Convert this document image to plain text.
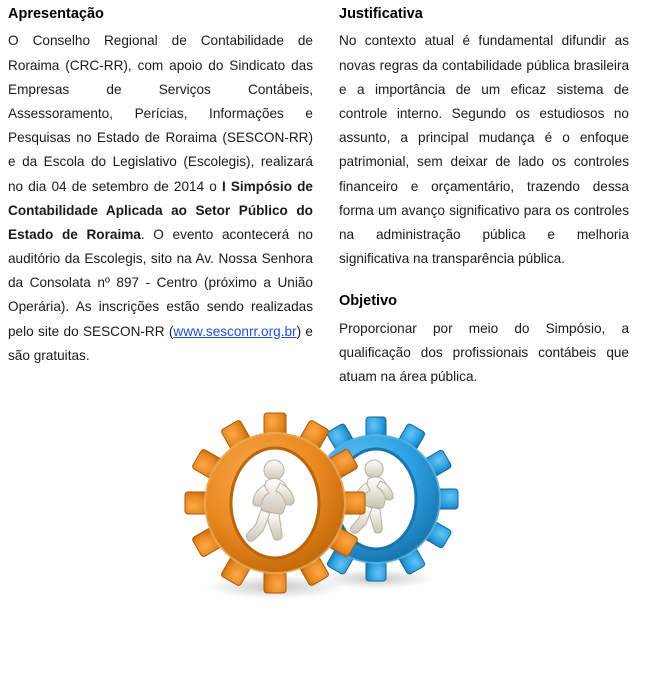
Apresentação

O Conselho Regional de Contabilidade de Roraima (CRC-RR), com apoio do Sindicato das Empresas de Serviços Contábeis, Assessoramento, Perícias, Informações e Pesquisas no Estado de Roraima (SESCON-RR) e da Escola do Legislativo (Escolegis), realizará no dia 04 de setembro de 2014 o I Simpósio de Contabilidade Aplicada ao Setor Público do Estado de Roraima. O evento acontecerá no auditório da Escolegis, sito na Av. Nossa Senhora da Consolata nº 897 - Centro (próximo a União Operária). As inscrições estão sendo realizadas pelo site do SESCON-RR (www.sesconrr.org.br) e são gratuitas.

Justificativa

No contexto atual é fundamental difundir as novas regras da contabilidade pública brasileira e a importância de um eficaz sistema de controle interno. Segundo os estudiosos no assunto, a principal mudança é o enfoque patrimonial, sem deixar de lado os controles financeiro e orçamentário, trazendo dessa forma um avanço significativo para os controles na administração pública e melhoria significativa na transparência pública.

Objetivo

Proporcionar por meio do Simpósio, a qualificação dos profissionais contábeis que atuam na área pública.
